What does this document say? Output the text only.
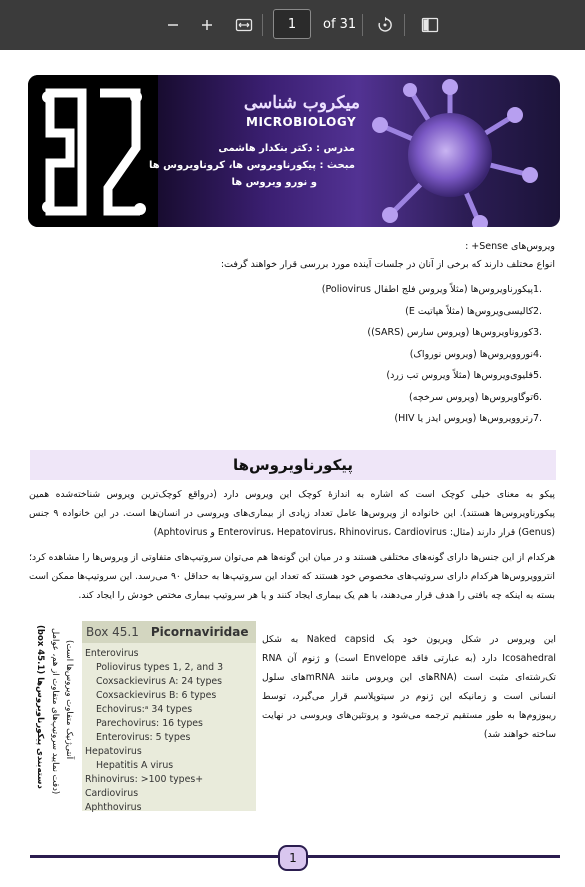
1	of 31
میکروب شناسی
MICROBIOLOGY
مدرس : دکتر بنکدار هاشمی
مبحث : پیکورناویروس ها، کروناویروس ها
و نورو ویروس ها
ویروس‌های Sense+ :
انواع مختلف دارند که برخی از آنان در جلسات آینده مورد بررسی قرار خواهند گرفت:
پیکورناویروس‌ها (مثلاً ویروس فلج اطفال Poliovirus) 1.
کالیسی‌ویروس‌ها (مثلاً هپاتیت E) 2.
کوروناویروس‌ها (ویروس سارس (SARS)) 3.
نوروویروس‌ها (ویروس نورواک) 4.
فلیوی‌ویروس‌ها (مثلاً ویروس تب زرد) 5.
توگاویروس‌ها (ویروس سرخچه) 6.
رتروویروس‌ها (ویروس ایدز یا HIV) 7.
پیکورناویروس‌ها
پیکو به معنای خیلی کوچک است که اشاره به اندازهٔ کوچک این ویروس دارد (درواقع کوچک‌ترین ویروس شناخته‌شده همین پیکورناویروس‌ها هستند). این خانواده از ویروس‌ها عامل تعداد زیادی از بیماری‌های ویروسی در انسان‌ها است. در این خانواده ۹ جنس (Genus) قرار دارند (مثال: Enterovirus، Hepatovirus، Rhinovirus، Cardiovirus و Aphtovirus)
هرکدام از این جنس‌ها دارای گونه‌های مختلفی هستند و در میان این گونه‌ها هم می‌توان سروتیپ‌های متفاوتی از ویروس‌ها را مشاهده کرد؛ انتروویروس‌ها هرکدام دارای سروتیپ‌های مخصوص خود هستند که تعداد این سروتیپ‌ها به حداقل ۹۰ می‌رسد. این سروتیپ‌ها ممکن است بسته به اینکه چه بافتی را هدف قرار می‌دهند، با هم یک بیماری ایجاد کنند و یا هر سروتیپ بیماری مختص خودش را ایجاد کند.
این ویروس در شکل ویریون خود یک Naked capsid به شکل Icosahedral دارد (به عبارتی فاقد Envelope است) و ژنوم آن RNA تک‌رشته‌ای مثبت است (RNAهای این ویروس مانند mRNAهای سلول انسانی است و زمانیکه این ژنوم در سیتوپلاسم قرار می‌گیرد، توسط ریبوزوم‌ها به طور مستقیم ترجمه می‌شود و پروتئین‌های ویروسی در نهایت ساخته خواهند شد)
Box 45.1 Picornaviridae
Enterovirus
Poliovirus types 1, 2, and 3
Coxsackievirus A: 24 types
Coxsackievirus B: 6 types
Echovirus:ᵃ 34 types
Parechovirus: 16 types
Enterovirus: 5 types
Hepatovirus
Hepatitis A virus
Rhinovirus: >100 types+
Cardiovirus
Aphthovirus
دسته‌بندی پیکورناویروس‌ها (box 45.1) (دقت نمایید سروتیپ‌های متفاوت از هم، عوامل آنتی‌ژنیک متفاوت ویروس‌ها است)
1
